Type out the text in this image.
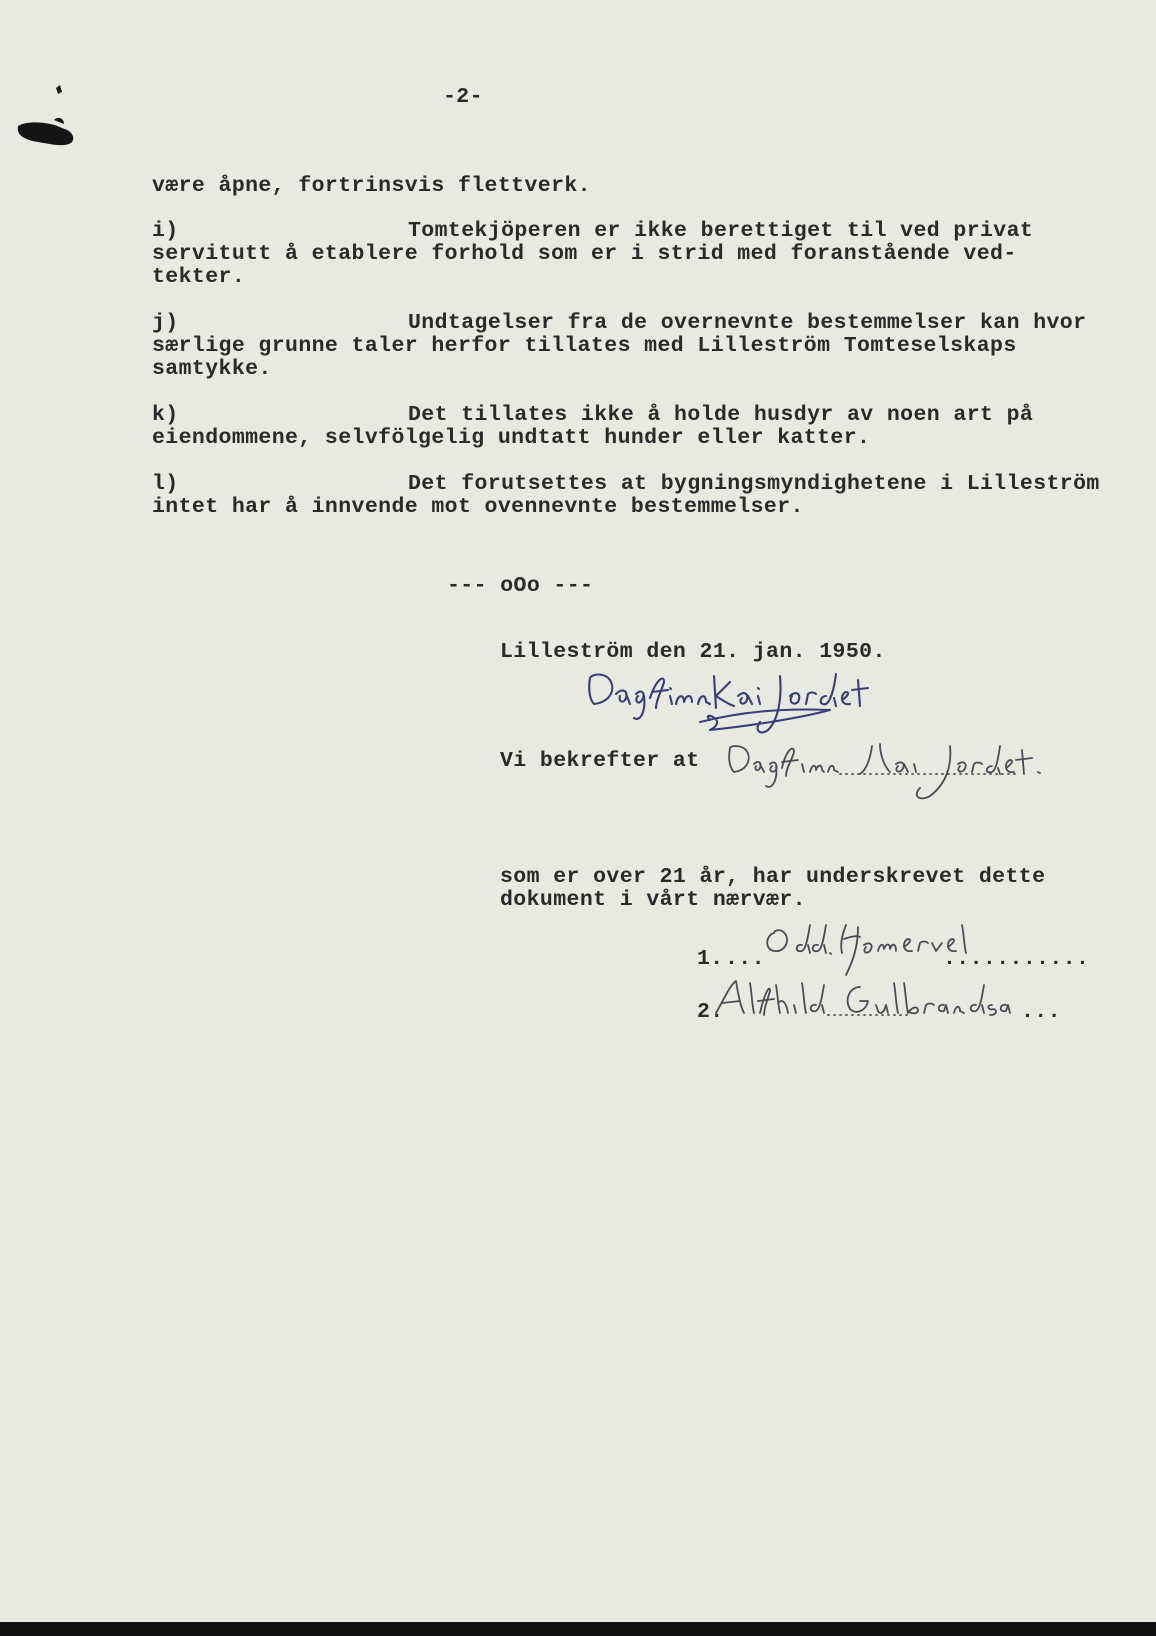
-2-
være åpne, fortrinsvis flettverk.
i)	Tomtekjöperen er ikke berettiget til ved privat
servitutt å etablere forhold som er i strid med foranstående ved-
tekter.
j)	Undtagelser fra de overnevnte bestemmelser kan hvor
særlige grunne taler herfor tillates med Lilleström Tomteselskaps
samtykke.
k)	Det tillates ikke å holde husdyr av noen art på
eiendommene, selvfölgelig undtatt hunder eller katter.
l)	Det forutsettes at bygningsmyndighetene i Lilleström
intet har å innvende mot ovennevnte bestemmelser.
--- oOo ---
Lilleström den 21. jan. 1950.
Vi bekrefter at
som er over 21 år, har underskrevet dette
dokument i vårt nærvær.
1. ...	...........
2.	...
